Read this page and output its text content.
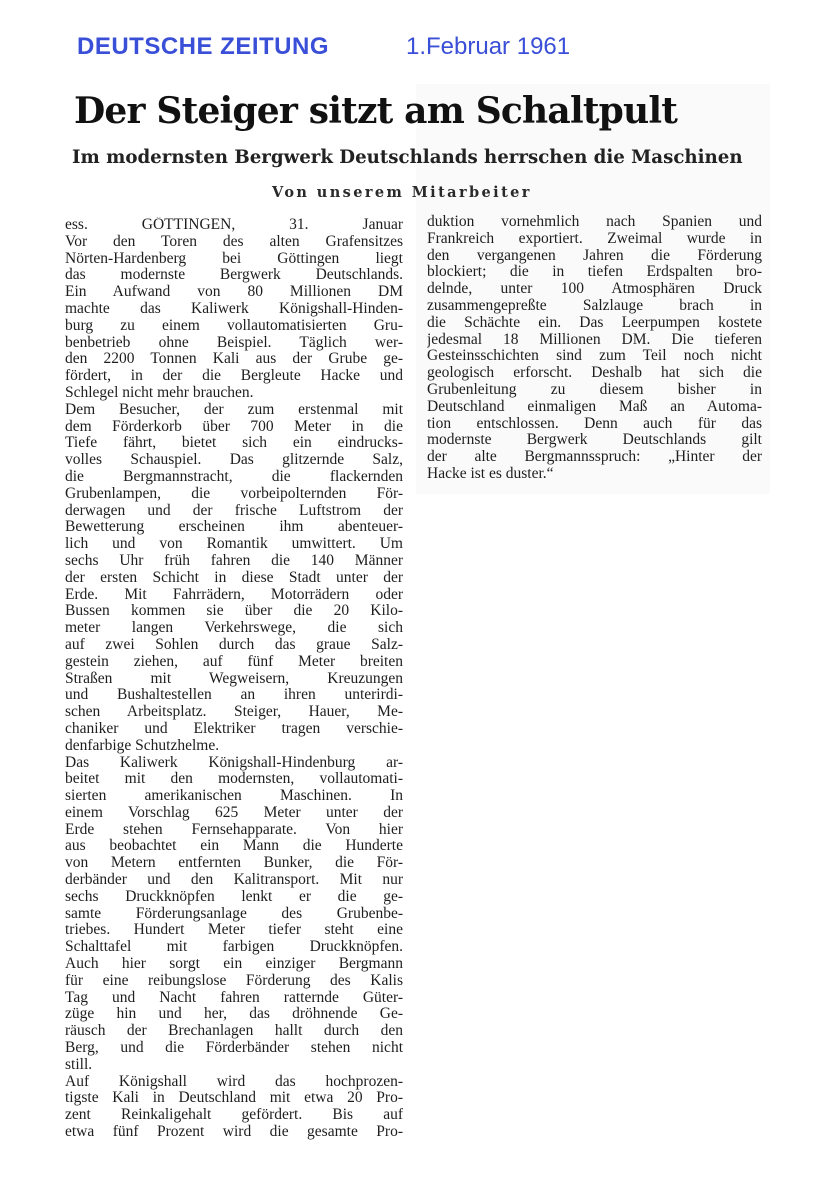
DEUTSCHE ZEITUNG	1.Februar 1961
Der Steiger sitzt am Schaltpult
Im modernsten Bergwerk Deutschlands herrschen die Maschinen
Von unserem Mitarbeiter
ess. GÖTTINGEN, 31. Januar
Vor den Toren des alten Grafensitzes
Nörten-Hardenberg bei Göttingen liegt
das modernste Bergwerk Deutschlands.
Ein Aufwand von 80 Millionen DM
machte das Kaliwerk Königshall-Hinden-
burg zu einem vollautomatisierten Gru-
benbetrieb ohne Beispiel. Täglich wer-
den 2200 Tonnen Kali aus der Grube ge-
fördert, in der die Bergleute Hacke und
Schlegel nicht mehr brauchen.
Dem Besucher, der zum erstenmal mit
dem Förderkorb über 700 Meter in die
Tiefe fährt, bietet sich ein eindrucks-
volles Schauspiel. Das glitzernde Salz,
die Bergmannstracht, die flackernden
Grubenlampen, die vorbeipolternden För-
derwagen und der frische Luftstrom der
Bewetterung erscheinen ihm abenteuer-
lich und von Romantik umwittert. Um
sechs Uhr früh fahren die 140 Männer
der ersten Schicht in diese Stadt unter der
Erde. Mit Fahrrädern, Motorrädern oder
Bussen kommen sie über die 20 Kilo-
meter langen Verkehrswege, die sich
auf zwei Sohlen durch das graue Salz-
gestein ziehen, auf fünf Meter breiten
Straßen mit Wegweisern, Kreuzungen
und Bushaltestellen an ihren unterirdi-
schen Arbeitsplatz. Steiger, Hauer, Me-
chaniker und Elektriker tragen verschie-
denfarbige Schutzhelme.
Das Kaliwerk Königshall-Hindenburg ar-
beitet mit den modernsten, vollautomati-
sierten amerikanischen Maschinen. In
einem Vorschlag 625 Meter unter der
Erde stehen Fernsehapparate. Von hier
aus beobachtet ein Mann die Hunderte
von Metern entfernten Bunker, die För-
derbänder und den Kalitransport. Mit nur
sechs Druckknöpfen lenkt er die ge-
samte Förderungsanlage des Grubenbe-
triebes. Hundert Meter tiefer steht eine
Schalttafel mit farbigen Druckknöpfen.
Auch hier sorgt ein einziger Bergmann
für eine reibungslose Förderung des Kalis
Tag und Nacht fahren ratternde Güter-
züge hin und her, das dröhnende Ge-
räusch der Brechanlagen hallt durch den
Berg, und die Förderbänder stehen nicht
still.
Auf Königshall wird das hochprozen-
tigste Kali in Deutschland mit etwa 20 Pro-
zent Reinkaligehalt gefördert. Bis auf
etwa fünf Prozent wird die gesamte Pro-
duktion vornehmlich nach Spanien und
Frankreich exportiert. Zweimal wurde in
den vergangenen Jahren die Förderung
blockiert; die in tiefen Erdspalten bro-
delnde, unter 100 Atmosphären Druck
zusammengepreßte Salzlauge brach in
die Schächte ein. Das Leerpumpen kostete
jedesmal 18 Millionen DM. Die tieferen
Gesteinsschichten sind zum Teil noch nicht
geologisch erforscht. Deshalb hat sich die
Grubenleitung zu diesem bisher in
Deutschland einmaligen Maß an Automa-
tion entschlossen. Denn auch für das
modernste Bergwerk Deutschlands gilt
der alte Bergmannsspruch: „Hinter der
Hacke ist es duster.“
